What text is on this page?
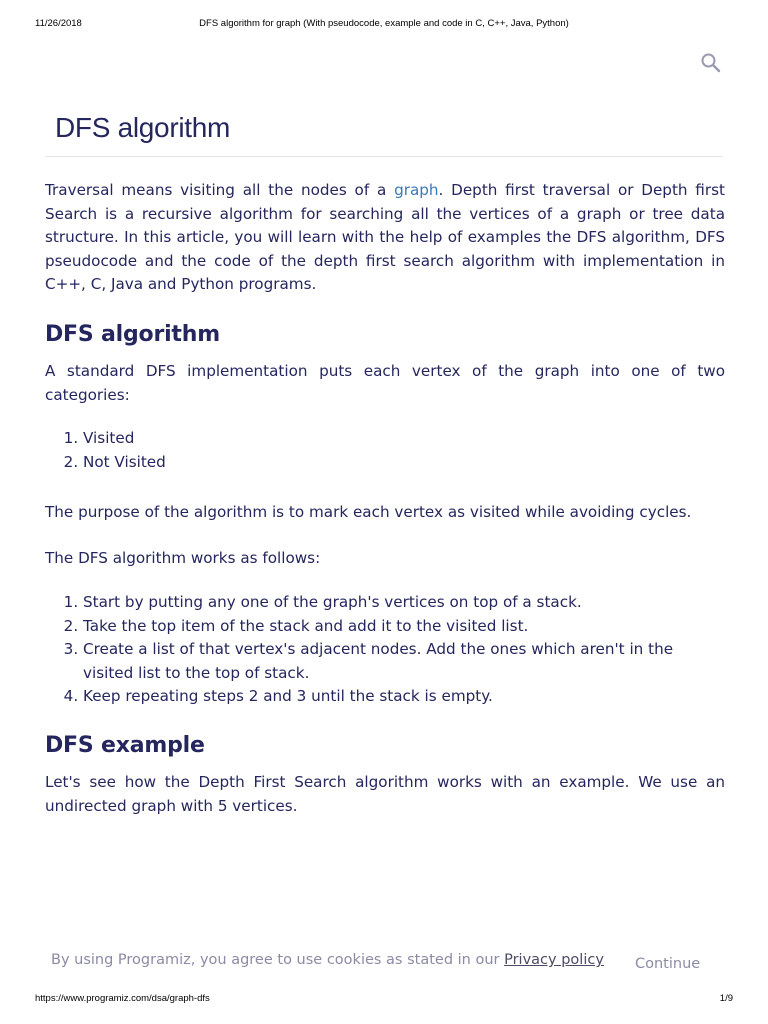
11/26/2018	DFS algorithm for graph (With pseudocode, example and code in C, C++, Java, Python)
DFS algorithm

Traversal means visiting all the nodes of a graph. Depth first traversal or Depth first Search is a recursive algorithm for searching all the vertices of a graph or tree data structure. In this article, you will learn with the help of examples the DFS algorithm, DFS pseudocode and the code of the depth first search algorithm with implementation in C++, C, Java and Python programs.

DFS algorithm

A standard DFS implementation puts each vertex of the graph into one of two categories:

1. Visited
2. Not Visited

The purpose of the algorithm is to mark each vertex as visited while avoiding cycles.

The DFS algorithm works as follows:

1. Start by putting any one of the graph's vertices on top of a stack.
2. Take the top item of the stack and add it to the visited list.
3. Create a list of that vertex's adjacent nodes. Add the ones which aren't in the visited list to the top of stack.
4. Keep repeating steps 2 and 3 until the stack is empty.
DFS example

Let's see how the Depth First Search algorithm works with an example. We use an undirected graph with 5 vertices.

By using Programiz, you agree to use cookies as stated in our Privacy policy Continue
https://www.programiz.com/dsa/graph-dfs	1/9
